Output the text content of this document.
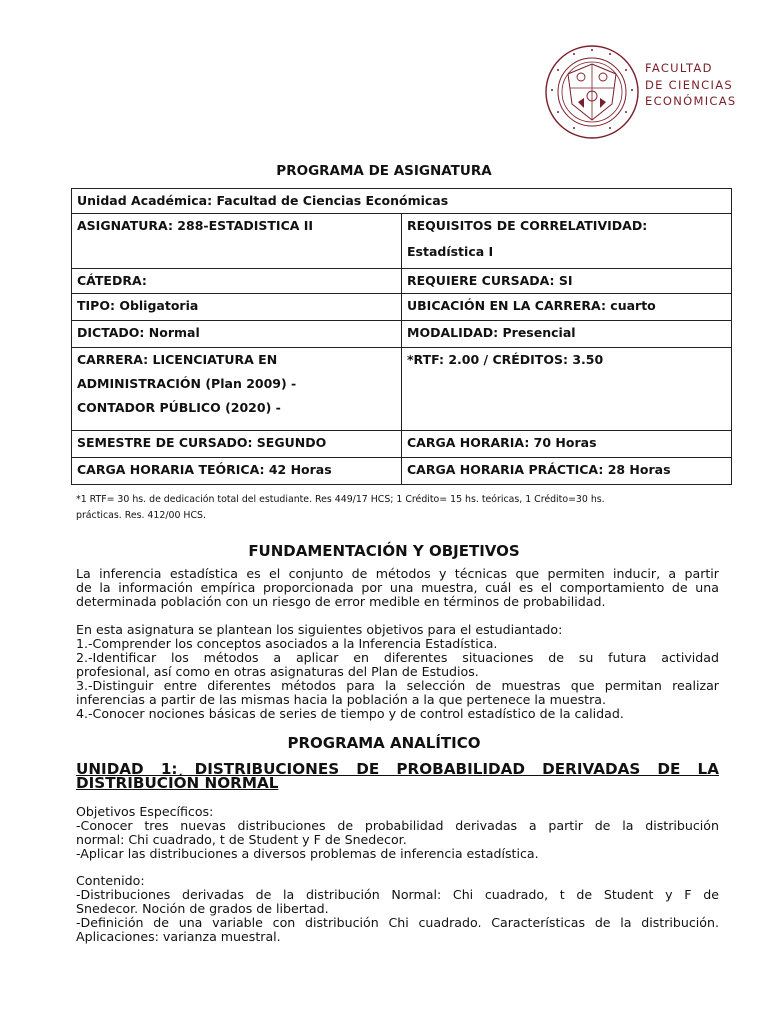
FACULTAD
DE CIENCIAS
ECONÓMICAS
PROGRAMA DE ASIGNATURA
Unidad Académica: Facultad de Ciencias Económicas	
ASIGNATURA: 288-ESTADISTICA II	REQUISITOS DE CORRELATIVIDAD:
Estadística I

CÁTEDRA:	REQUIERE CURSADA: SI
TIPO: Obligatoria	UBICACIÓN EN LA CARRERA: cuarto
DICTADO: Normal	MODALIDAD: Presencial

CARRERA: LICENCIATURA EN
ADMINISTRACIÓN (Plan 2009) -
CONTADOR PÚBLICO (2020) -	*RTF: 2.00 / CRÉDITOS: 3.50
SEMESTRE DE CURSADO: SEGUNDO	CARGA HORARIA: 70 Horas
CARGA HORARIA TEÓRICA: 42 Horas	CARGA HORARIA PRÁCTICA: 28 Horas
*1 RTF= 30 hs. de dedicación total del estudiante. Res 449/17 HCS; 1 Crédito= 15 hs. teóricas, 1 Crédito=30 hs.
prácticas. Res. 412/00 HCS.
FUNDAMENTACIÓN Y OBJETIVOS
La inferencia estadística es el conjunto de métodos y técnicas que permiten inducir, a partir
de la información empírica proporcionada por una muestra, cuál es el comportamiento de una
determinada población con un riesgo de error medible en términos de probabilidad.
En esta asignatura se plantean los siguientes objetivos para el estudiantado:
1.-Comprender los conceptos asociados a la Inferencia Estadística.
2.-Identificar los métodos a aplicar en diferentes situaciones de su futura actividad
profesional, así como en otras asignaturas del Plan de Estudios.
3.-Distinguir entre diferentes métodos para la selección de muestras que permitan realizar
inferencias a partir de las mismas hacia la población a la que pertenece la muestra.
4.-Conocer nociones básicas de series de tiempo y de control estadístico de la calidad.
PROGRAMA ANALÍTICO
UNIDAD 1: DISTRIBUCIONES DE PROBABILIDAD DERIVADAS DE LA
DISTRIBUCIÓN NORMAL
Objetivos Específicos:
-Conocer tres nuevas distribuciones de probabilidad derivadas a partir de la distribución
normal: Chi cuadrado, t de Student y F de Snedecor.
-Aplicar las distribuciones a diversos problemas de inferencia estadística.
Contenido:
-Distribuciones derivadas de la distribución Normal: Chi cuadrado, t de Student y F de
Snedecor. Noción de grados de libertad.
-Definición de una variable con distribución Chi cuadrado. Características de la distribución.
Aplicaciones: varianza muestral.
